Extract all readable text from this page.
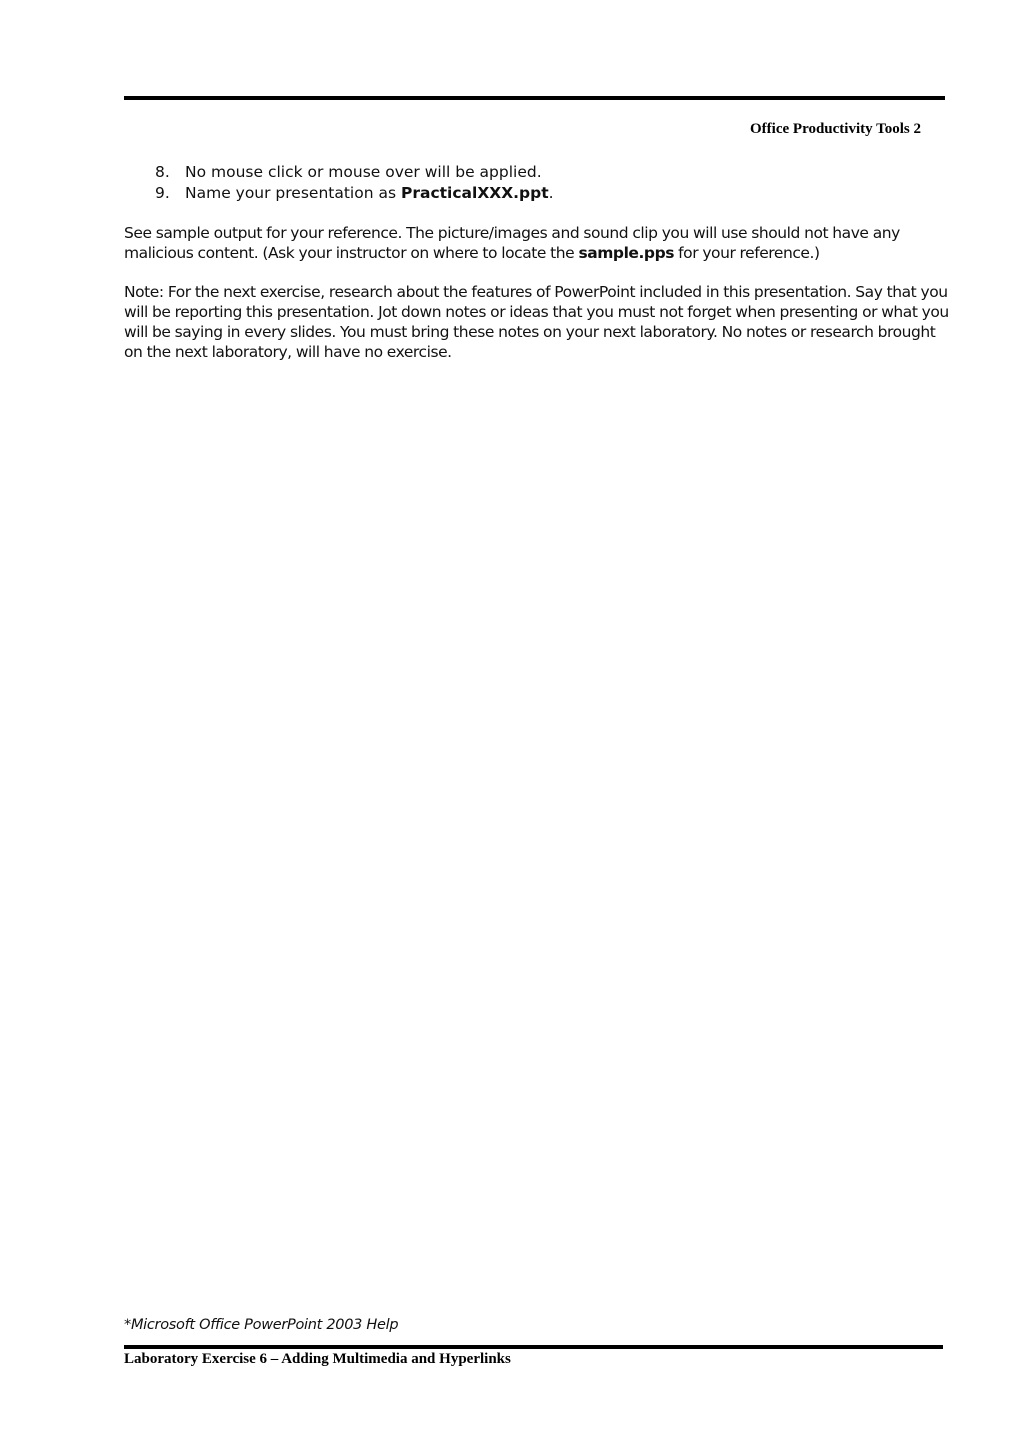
Office Productivity Tools 2
8. No mouse click or mouse over will be applied.
9. Name your presentation as PracticalXXX.ppt.

See sample output for your reference. The picture/images and sound clip you will use should not have any malicious content. (Ask your instructor on where to locate the sample.pps for your reference.)

Note: For the next exercise, research about the features of PowerPoint included in this presentation. Say that you will be reporting this presentation. Jot down notes or ideas that you must not forget when presenting or what you will be saying in every slides. You must bring these notes on your next laboratory. No notes or research brought on the next laboratory, will have no exercise.

*Microsoft Office PowerPoint 2003 Help
Laboratory Exercise 6 – Adding Multimedia and Hyperlinks
